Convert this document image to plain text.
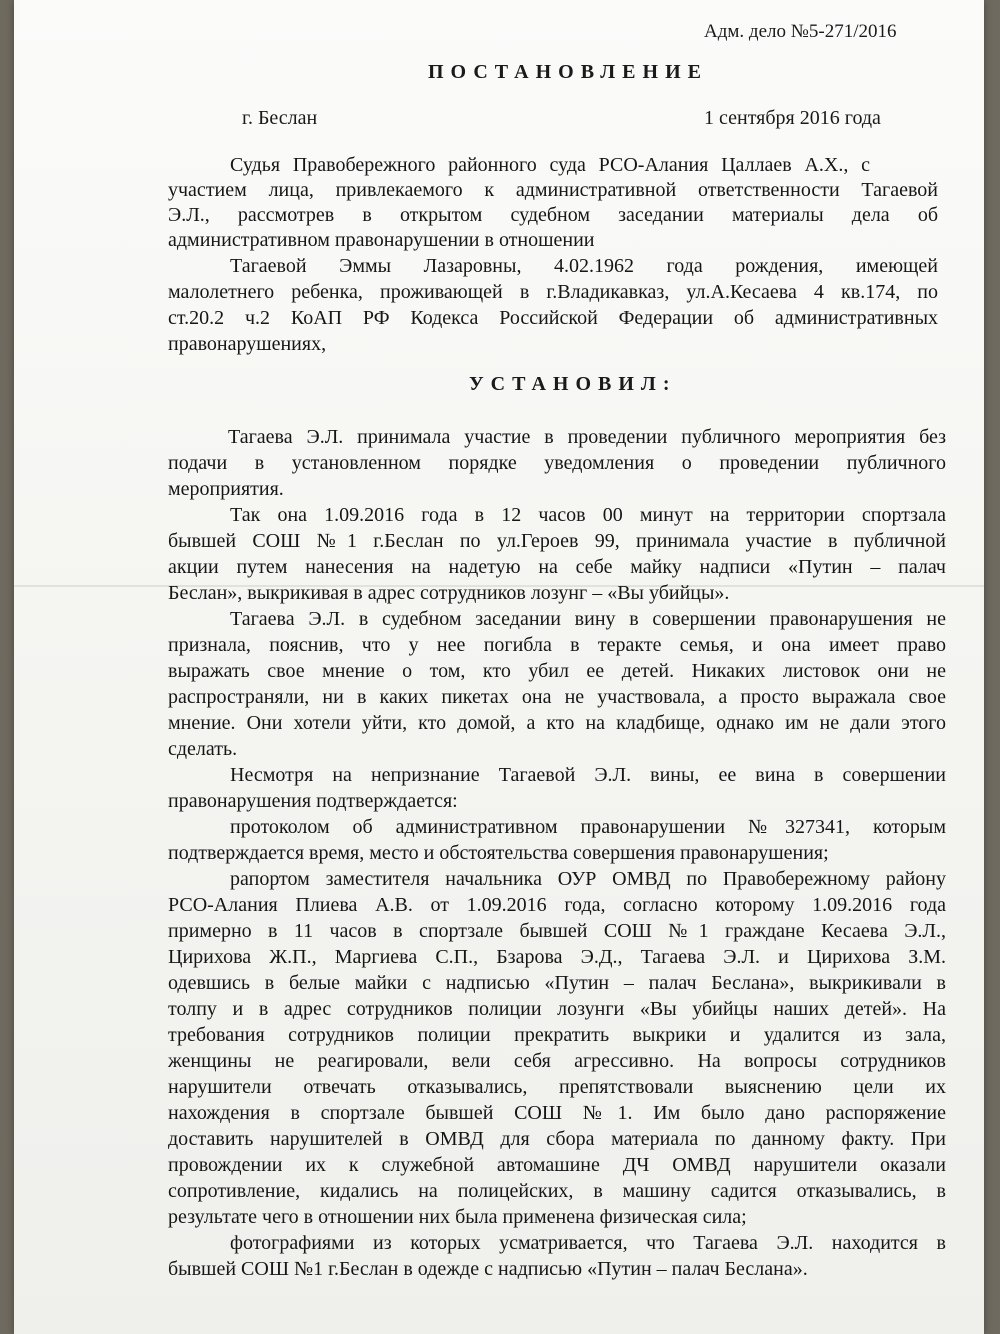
Адм. дело №5-271/2016

ПОСТАНОВЛЕНИЕ

г. Беслан	1 сентября 2016 года

Судья Правобережного районного суда РСО-Алания Цаллаев А.Х., с

участием лица, привлекаемого к административной ответственности Тагаевой

Э.Л., рассмотрев в открытом судебном заседании материалы дела об

административном правонарушении в отношении

Тагаевой Эммы Лазаровны, 4.02.1962 года рождения, имеющей

малолетнего ребенка, проживающей в г.Владикавказ, ул.А.Кесаева 4 кв.174, по

ст.20.2 ч.2 КоАП РФ Кодекса Российской Федерации об административных

правонарушениях,

УСТАНОВИЛ:

Тагаева Э.Л. принимала участие в проведении публичного мероприятия без

подачи в установленном порядке уведомления о проведении публичного

мероприятия.

Так она 1.09.2016 года в 12 часов 00 минут на территории спортзала

бывшей СОШ №1 г.Беслан по ул.Героев 99, принимала участие в публичной

акции путем нанесения на надетую на себе майку надписи «Путин – палач

Беслан», выкрикивая в адрес сотрудников лозунг – «Вы убийцы».

Тагаева Э.Л. в судебном заседании вину в совершении правонарушения не

признала, пояснив, что у нее погибла в теракте семья, и она имеет право

выражать свое мнение о том, кто убил ее детей. Никаких листовок они не

распространяли, ни в каких пикетах она не участвовала, а просто выражала свое

мнение. Они хотели уйти, кто домой, а кто на кладбище, однако им не дали этого

сделать.

Несмотря на непризнание Тагаевой Э.Л. вины, ее вина в совершении

правонарушения подтверждается:

протоколом об административном правонарушении №327341, которым

подтверждается время, место и обстоятельства совершения правонарушения;

рапортом заместителя начальника ОУР ОМВД по Правобережному району

РСО-Алания Плиева А.В. от 1.09.2016 года, согласно которому 1.09.2016 года

примерно в 11 часов в спортзале бывшей СОШ №1 граждане Кесаева Э.Л.,

Цирихова Ж.П., Маргиева С.П., Бзарова Э.Д., Тагаева Э.Л. и Цирихова З.М.

одевшись в белые майки с надписью «Путин – палач Беслана», выкрикивали в

толпу и в адрес сотрудников полиции лозунги «Вы убийцы наших детей». На

требования сотрудников полиции прекратить выкрики и удалится из зала,

женщины не реагировали, вели себя агрессивно. На вопросы сотрудников

нарушители отвечать отказывались, препятствовали выяснению цели их

нахождения в спортзале бывшей СОШ №1. Им было дано распоряжение

доставить нарушителей в ОМВД для сбора материала по данному факту. При

провождении их к служебной автомашине ДЧ ОМВД нарушители оказали

сопротивление, кидались на полицейских, в машину садится отказывались, в

результате чего в отношении них была применена физическая сила;

фотографиями из которых усматривается, что Тагаева Э.Л. находится в

бывшей СОШ №1 г.Беслан в одежде с надписью «Путин – палач Беслана».
